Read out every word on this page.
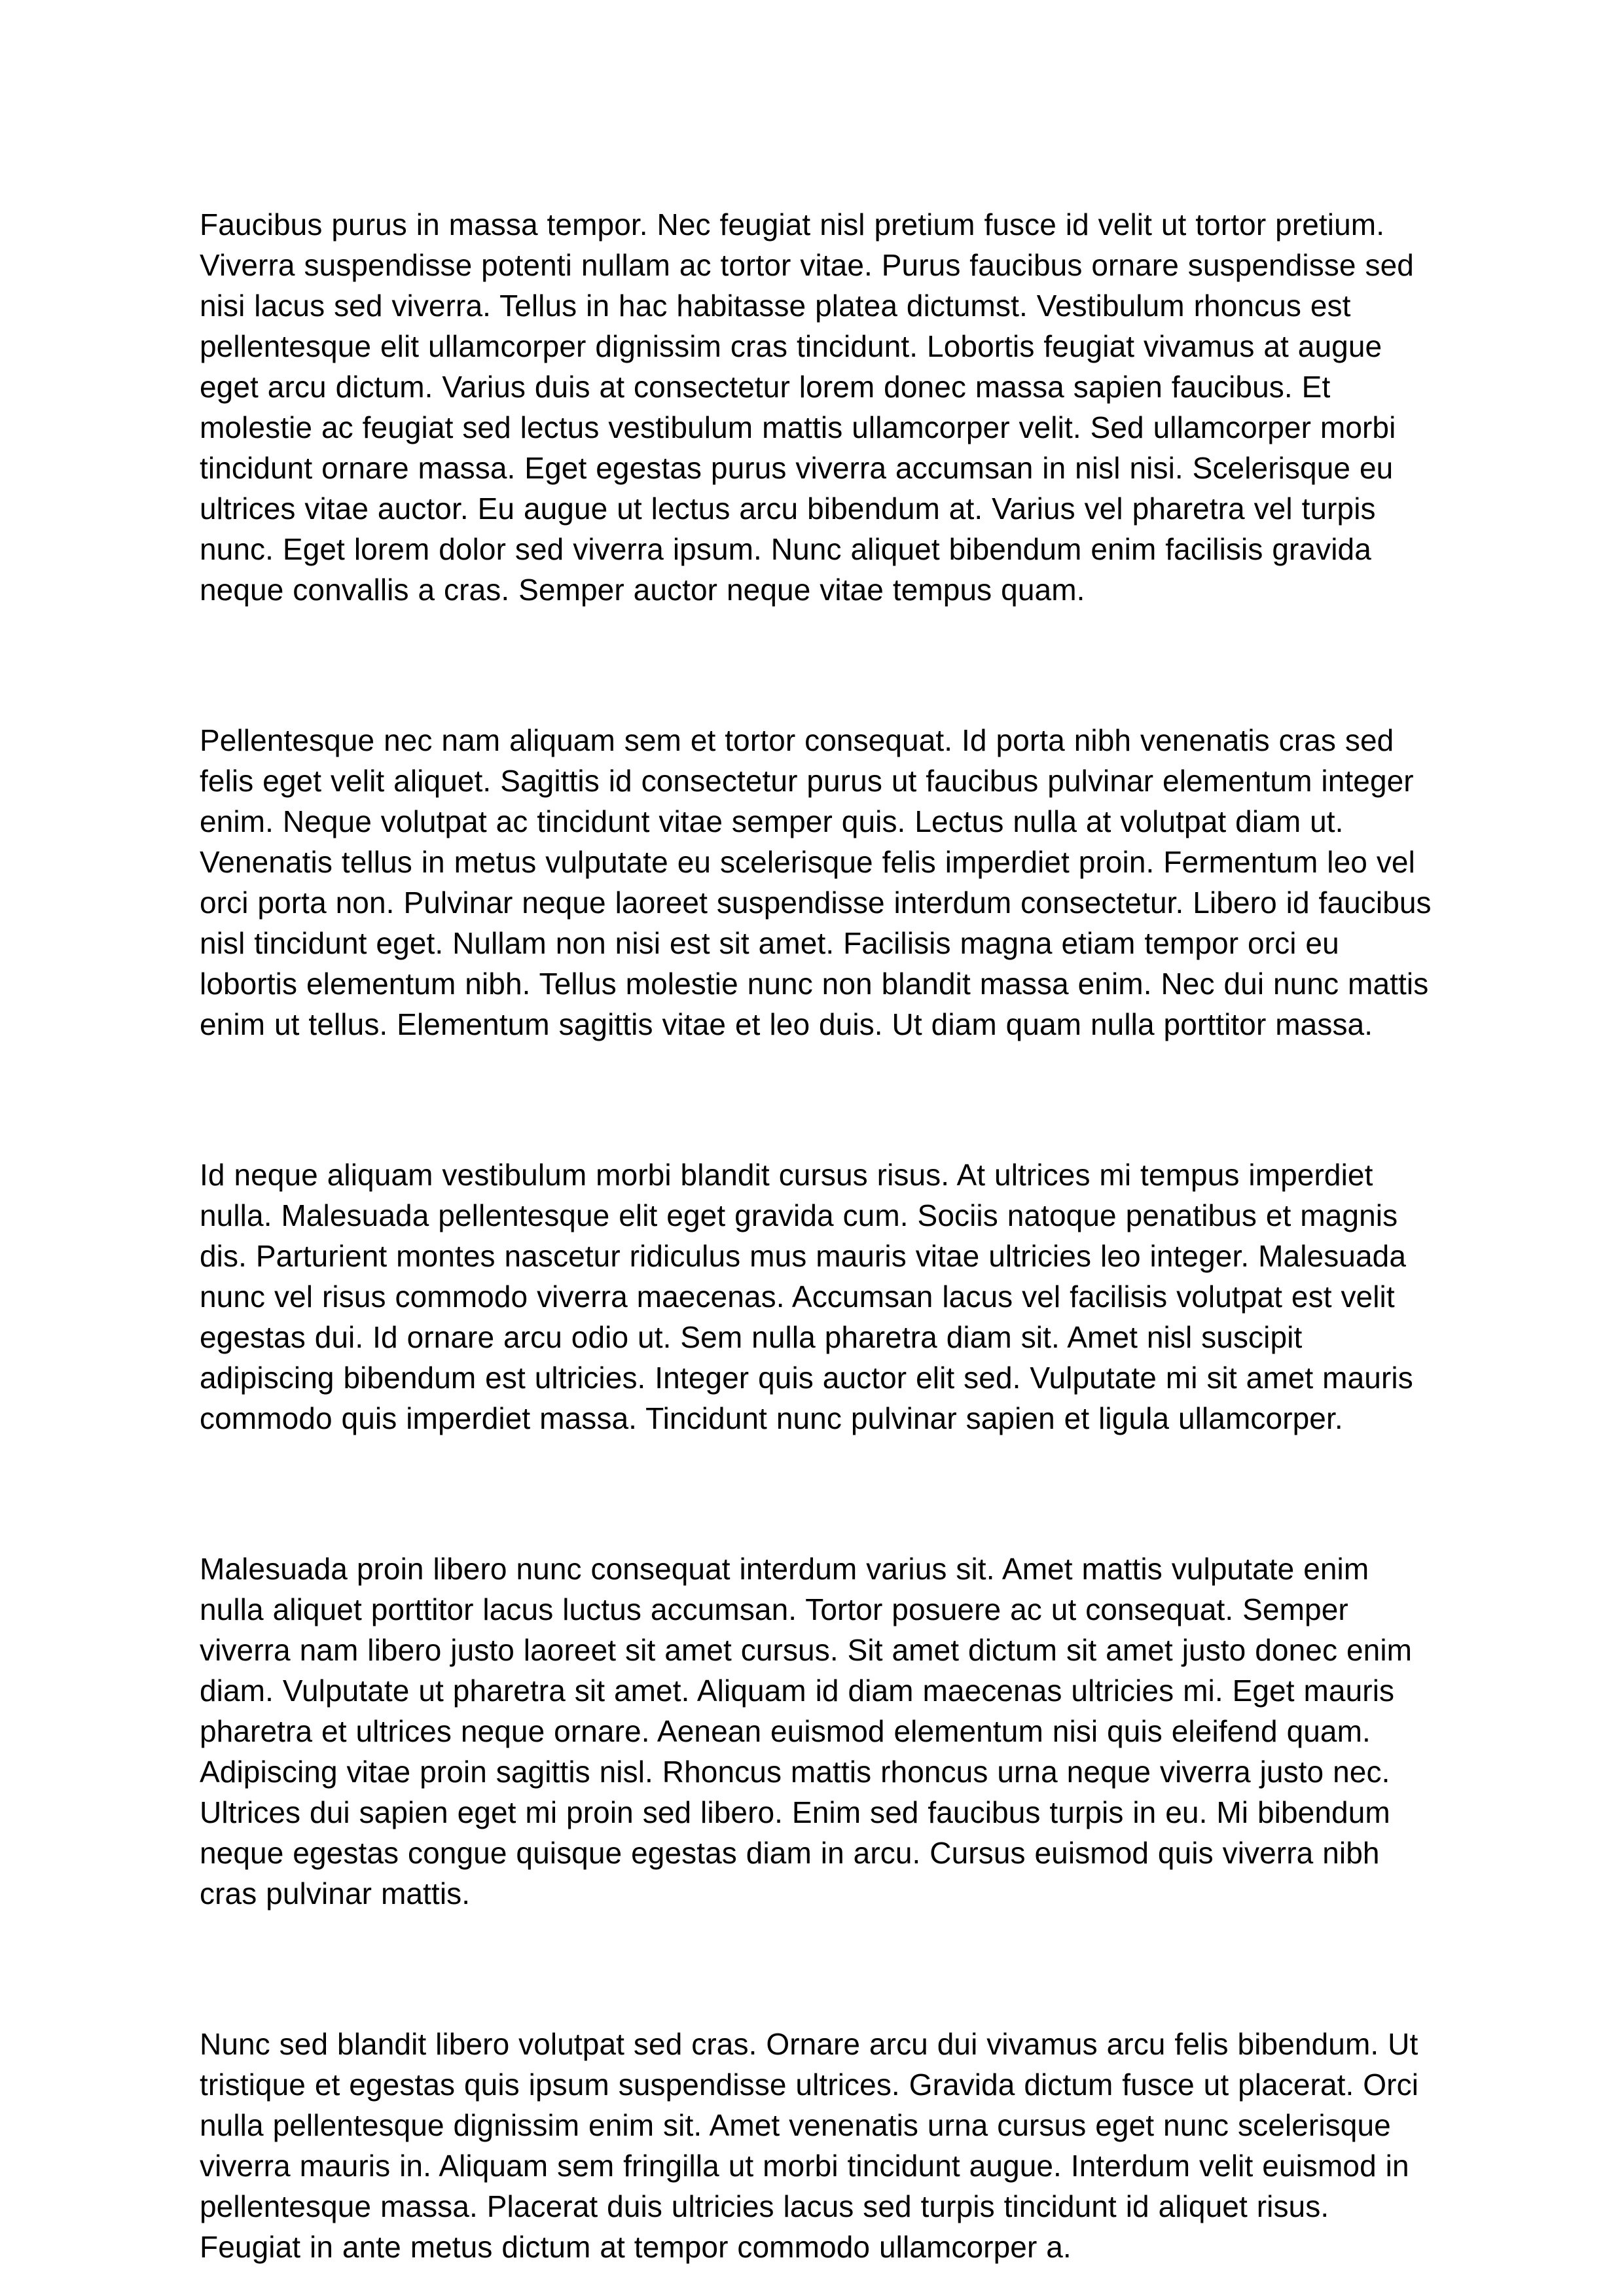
Faucibus purus in massa tempor. Nec feugiat nisl pretium fusce id velit ut tortor pretium. Viverra suspendisse potenti nullam ac tortor vitae. Purus faucibus ornare suspendisse sed nisi lacus sed viverra. Tellus in hac habitasse platea dictumst. Vestibulum rhoncus est pellentesque elit ullamcorper dignissim cras tincidunt. Lobortis feugiat vivamus at augue eget arcu dictum. Varius duis at consectetur lorem donec massa sapien faucibus. Et molestie ac feugiat sed lectus vestibulum mattis ullamcorper velit. Sed ullamcorper morbi tincidunt ornare massa. Eget egestas purus viverra accumsan in nisl nisi. Scelerisque eu ultrices vitae auctor. Eu augue ut lectus arcu bibendum at. Varius vel pharetra vel turpis nunc. Eget lorem dolor sed viverra ipsum. Nunc aliquet bibendum enim facilisis gravida neque convallis a cras. Semper auctor neque vitae tempus quam.

Pellentesque nec nam aliquam sem et tortor consequat. Id porta nibh venenatis cras sed felis eget velit aliquet. Sagittis id consectetur purus ut faucibus pulvinar elementum integer enim. Neque volutpat ac tincidunt vitae semper quis. Lectus nulla at volutpat diam ut. Venenatis tellus in metus vulputate eu scelerisque felis imperdiet proin. Fermentum leo vel orci porta non. Pulvinar neque laoreet suspendisse interdum consectetur. Libero id faucibus nisl tincidunt eget. Nullam non nisi est sit amet. Facilisis magna etiam tempor orci eu lobortis elementum nibh. Tellus molestie nunc non blandit massa enim. Nec dui nunc mattis enim ut tellus. Elementum sagittis vitae et leo duis. Ut diam quam nulla porttitor massa.

Id neque aliquam vestibulum morbi blandit cursus risus. At ultrices mi tempus imperdiet nulla. Malesuada pellentesque elit eget gravida cum. Sociis natoque penatibus et magnis dis. Parturient montes nascetur ridiculus mus mauris vitae ultricies leo integer. Malesuada nunc vel risus commodo viverra maecenas. Accumsan lacus vel facilisis volutpat est velit egestas dui. Id ornare arcu odio ut. Sem nulla pharetra diam sit. Amet nisl suscipit adipiscing bibendum est ultricies. Integer quis auctor elit sed. Vulputate mi sit amet mauris commodo quis imperdiet massa. Tincidunt nunc pulvinar sapien et ligula ullamcorper.

Malesuada proin libero nunc consequat interdum varius sit. Amet mattis vulputate enim nulla aliquet porttitor lacus luctus accumsan. Tortor posuere ac ut consequat. Semper viverra nam libero justo laoreet sit amet cursus. Sit amet dictum sit amet justo donec enim diam. Vulputate ut pharetra sit amet. Aliquam id diam maecenas ultricies mi. Eget mauris pharetra et ultrices neque ornare. Aenean euismod elementum nisi quis eleifend quam. Adipiscing vitae proin sagittis nisl. Rhoncus mattis rhoncus urna neque viverra justo nec. Ultrices dui sapien eget mi proin sed libero. Enim sed faucibus turpis in eu. Mi bibendum neque egestas congue quisque egestas diam in arcu. Cursus euismod quis viverra nibh cras pulvinar mattis.

Nunc sed blandit libero volutpat sed cras. Ornare arcu dui vivamus arcu felis bibendum. Ut tristique et egestas quis ipsum suspendisse ultrices. Gravida dictum fusce ut placerat. Orci nulla pellentesque dignissim enim sit. Amet venenatis urna cursus eget nunc scelerisque viverra mauris in. Aliquam sem fringilla ut morbi tincidunt augue. Interdum velit euismod in pellentesque massa. Placerat duis ultricies lacus sed turpis tincidunt id aliquet risus. Feugiat in ante metus dictum at tempor commodo ullamcorper a.
